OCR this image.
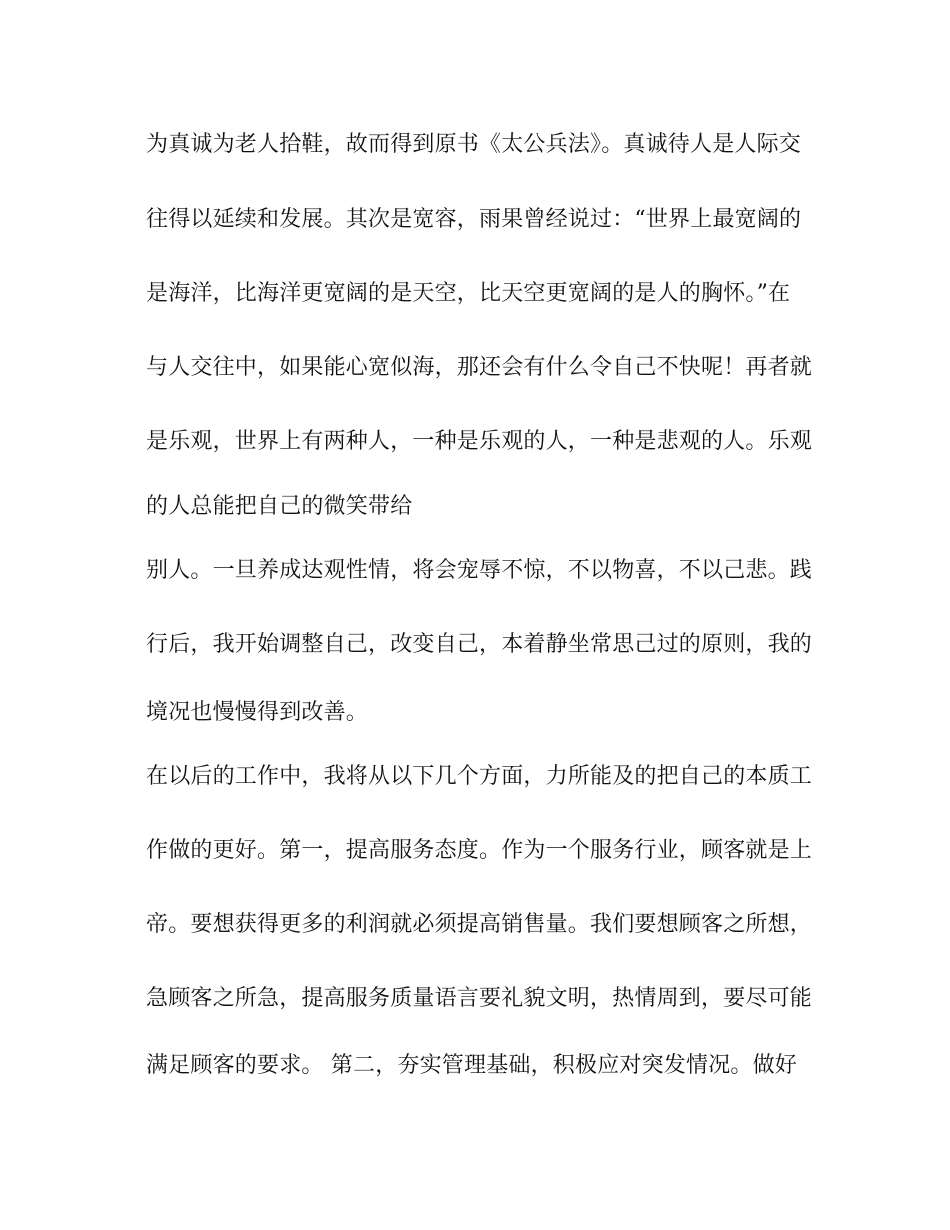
为真诚为老人拾鞋，故而得到原书《太公兵法》。真诚待人是人际交
往得以延续和发展。其次是宽容，雨果曾经说过：“世界上最宽阔的
是海洋，比海洋更宽阔的是天空，比天空更宽阔的是人的胸怀。”在
与人交往中，如果能心宽似海，那还会有什么令自己不快呢！再者就
是乐观，世界上有两种人，一种是乐观的人，一种是悲观的人。乐观
的人总能把自己的微笑带给
别人。一旦养成达观性情，将会宠辱不惊，不以物喜，不以己悲。践
行后，我开始调整自己，改变自己，本着静坐常思己过的原则，我的
境况也慢慢得到改善。
在以后的工作中，我将从以下几个方面，力所能及的把自己的本质工
作做的更好。第一，提高服务态度。作为一个服务行业，顾客就是上
帝。要想获得更多的利润就必须提高销售量。我们要想顾客之所想，
急顾客之所急，提高服务质量语言要礼貌文明，热情周到，要尽可能
满足顾客的要求。 第二，夯实管理基础，积极应对突发情况。做好
